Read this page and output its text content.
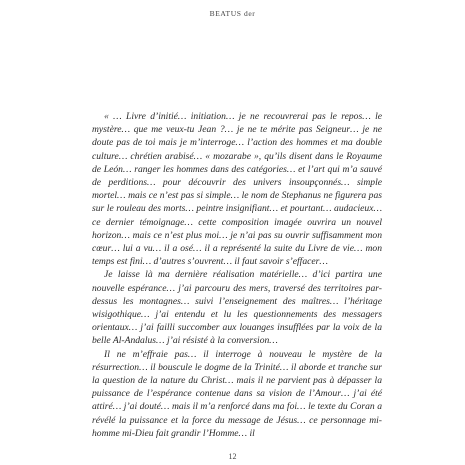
BEATUS der

« … Livre d’initié… initiation… je ne recouvrerai pas le repos… le mystère… que me veux-tu Jean ?… je ne te mérite pas Seigneur… je ne doute pas de toi mais je m’interroge… l’action des hommes et ma double culture… chrétien arabisé… « mozarabe », qu’ils disent dans le Royaume de León… ranger les hommes dans des catégories… et l’art qui m’a sauvé de perditions… pour découvrir des univers insoupçonnés… simple mortel… mais ce n’est pas si simple… le nom de Stephanus ne figurera pas sur le rouleau des morts… peintre insignifiant… et pourtant… audacieux… ce dernier témoignage… cette composition imagée ouvrira un nouvel horizon… mais ce n’est plus moi… je n’ai pas su ouvrir suffisamment mon cœur… lui a vu… il a osé… il a représenté la suite du Livre de vie… mon temps est fini… d’autres s’ouvrent… il faut savoir s’effacer…

Je laisse là ma dernière réalisation matérielle… d’ici partira une nouvelle espérance… j’ai parcouru des mers, traversé des territoires par-dessus les montagnes… suivi l’enseignement des maîtres… l’héritage wisigothique… j’ai entendu et lu les questionnements des messagers orientaux… j’ai failli succomber aux louanges insufflées par la voix de la belle Al-Andalus… j’ai résisté à la conversion…

Il ne m’effraie pas… il interroge à nouveau le mystère de la résurrection… il bouscule le dogme de la Trinité… il aborde et tranche sur la question de la nature du Christ… mais il ne parvient pas à dépasser la puissance de l’espérance contenue dans sa vision de l’Amour… j’ai été attiré… j’ai douté… mais il m’a renforcé dans ma foi… le texte du Coran a révélé la puissance et la force du message de Jésus… ce personnage mi-homme mi-Dieu fait grandir l’Homme… il

12
